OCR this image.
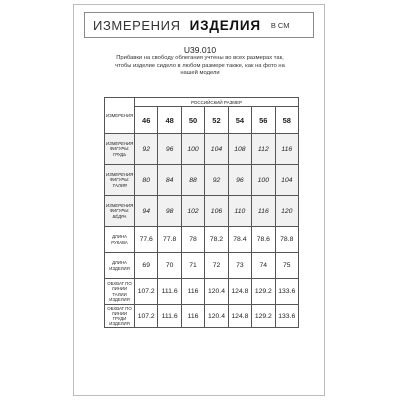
ИЗМЕРЕНИЯ ИЗДЕЛИЯ В СМ
U39.010
Прибавки на свободу облегания учтены во всех размерах так,
чтобы изделие сидело в любом размере также, как на фото на
нашей модели
ИЗМЕРЕНИЯ	РОССИЙСКИЙ РАЗМЕР						
	46	48	50	52	54	56	58
ИЗМЕРЕНИЯ ФИГУРЫ: ГРУДЬ	92	96	100	104	108	112	116
ИЗМЕРЕНИЯ ФИГУРЫ: ТАЛИЯ	80	84	88	92	96	100	104
ИЗМЕРЕНИЯ ФИГУРЫ: БЁДРА	94	98	102	106	110	116	120
ДЛИНА РУКАВА	77.6	77.8	78	78.2	78.4	78.6	78.8
ДЛИНА ИЗДЕЛИЯ	69	70	71	72	73	74	75
ОБХВАТ ПО ЛИНИИ ТАЛИИ ИЗДЕЛИЯ	107.2	111.6	116	120.4	124.8	129.2	133.6
ОБХВАТ ПО ЛИНИИ ГРУДИ ИЗДЕЛИЯ	107.2	111.6	116	120.4	124.8	129.2	133.6
